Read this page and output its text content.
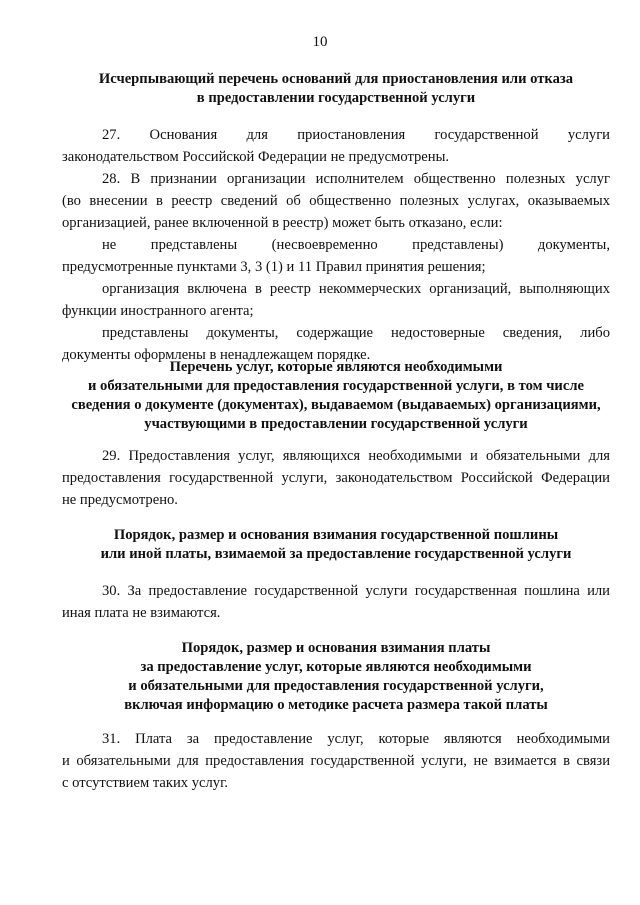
10
Исчерпывающий перечень оснований для приостановления или отказа
в предоставлении государственной услуги
27. Основания для приостановления государственной услуги
законодательством Российской Федерации не предусмотрены.
28. В признании организации исполнителем общественно полезных услуг
(во внесении в реестр сведений об общественно полезных услугах, оказываемых
организацией, ранее включенной в реестр) может быть отказано, если:
не представлены (несвоевременно представлены) документы,
предусмотренные пунктами 3, 3 (1) и 11 Правил принятия решения;
организация включена в реестр некоммерческих организаций, выполняющих
функции иностранного агента;
представлены документы, содержащие недостоверные сведения, либо
документы оформлены в ненадлежащем порядке.
Перечень услуг, которые являются необходимыми
и обязательными для предоставления государственной услуги, в том числе
сведения о документе (документах), выдаваемом (выдаваемых) организациями,
участвующими в предоставлении государственной услуги
29. Предоставления услуг, являющихся необходимыми и обязательными для
предоставления государственной услуги, законодательством Российской Федерации
не предусмотрено.
Порядок, размер и основания взимания государственной пошлины
или иной платы, взимаемой за предоставление государственной услуги
30. За предоставление государственной услуги государственная пошлина или
иная плата не взимаются.
Порядок, размер и основания взимания платы
за предоставление услуг, которые являются необходимыми
и обязательными для предоставления государственной услуги,
включая информацию о методике расчета размера такой платы
31. Плата за предоставление услуг, которые являются необходимыми
и обязательными для предоставления государственной услуги, не взимается в связи
с отсутствием таких услуг.
